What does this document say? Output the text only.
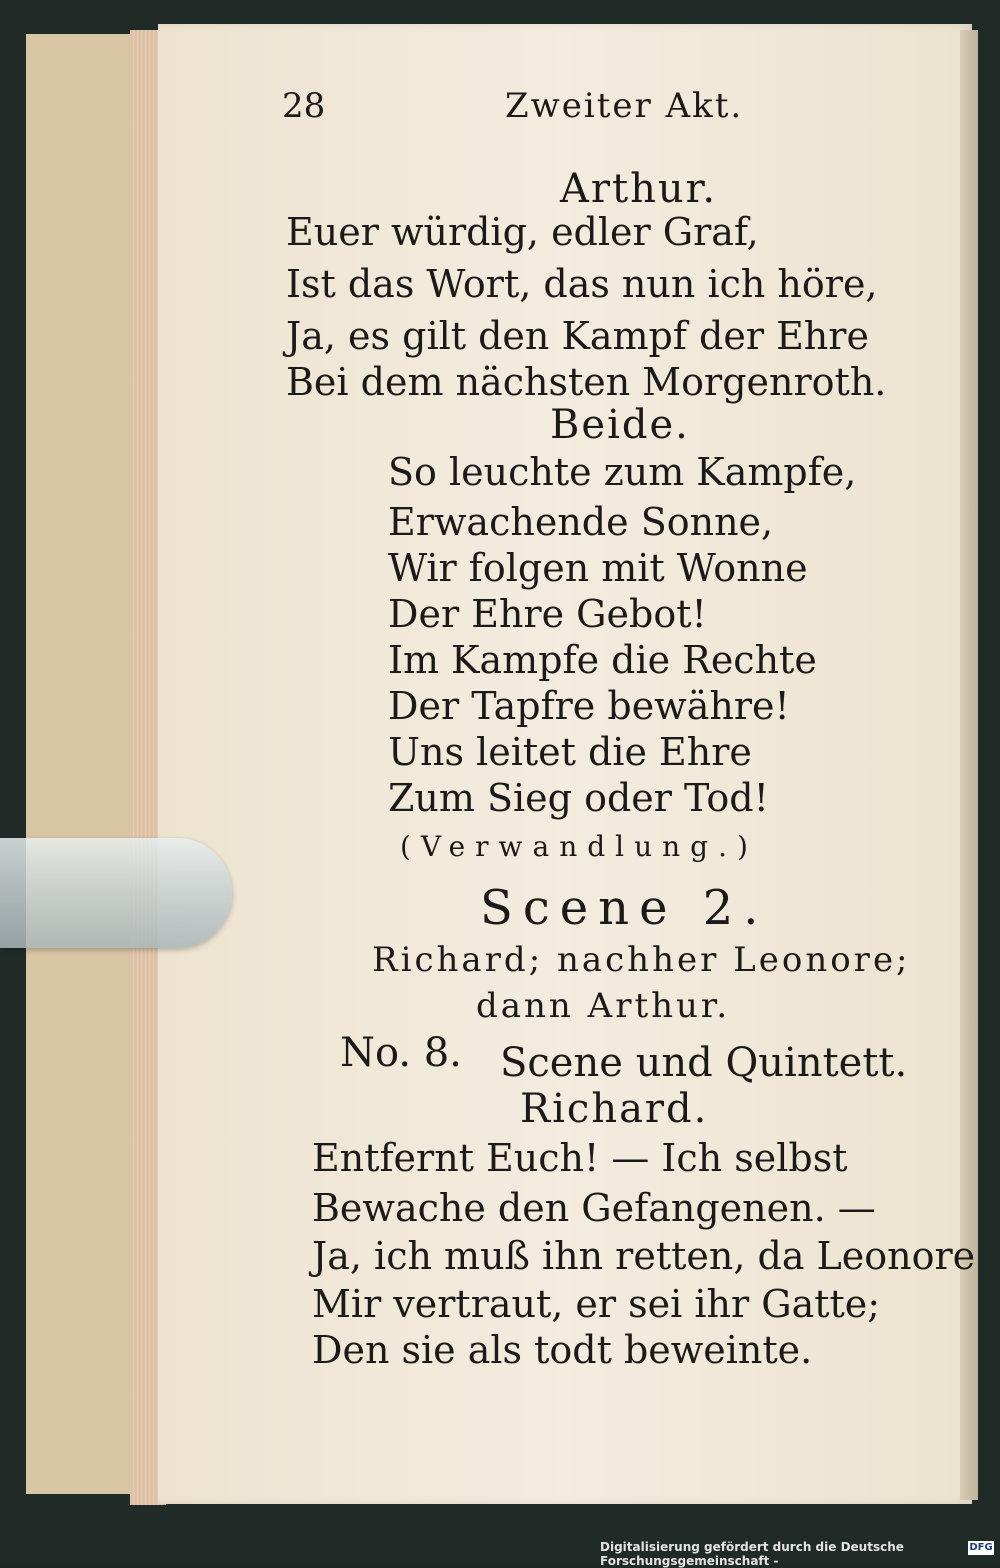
28	Zweiter Akt.
Arthur.
Euer würdig, edler Graf,
Ist das Wort, das nun ich höre,
Ja, es gilt den Kampf der Ehre
Bei dem nächsten Morgenroth.
Beide.
So leuchte zum Kampfe,
Erwachende Sonne,
Wir folgen mit Wonne
Der Ehre Gebot!
Im Kampfe die Rechte
Der Tapfre bewähre!
Uns leitet die Ehre
Zum Sieg oder Tod!
(Verwandlung.)
Scene 2.
Richard; nachher Leonore;
dann Arthur.
No. 8. Scene und Quintett.
Richard.
Entfernt Euch! — Ich selbst
Bewache den Gefangenen. —
Ja, ich muß ihn retten, da Leonore
Mir vertraut, er sei ihr Gatte;
Den sie als todt beweinte.
Digitalisierung gefördert durch die Deutsche Forschungsgemeinschaft -
DFG
